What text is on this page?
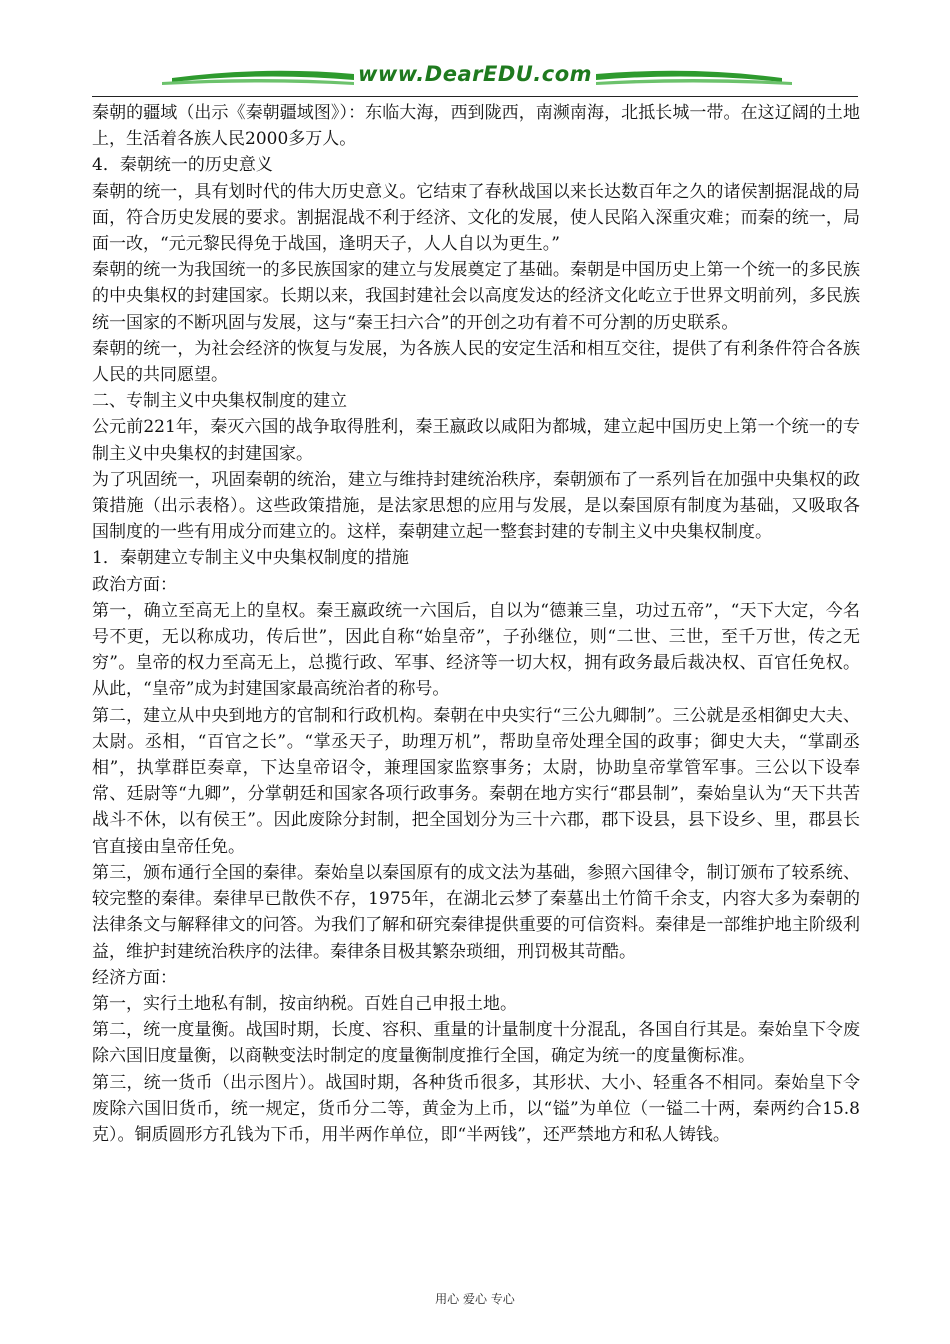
www.DearEDU.com

秦朝的疆域（出示《秦朝疆域图》）：东临大海，西到陇西，南濒南海，北抵长城一带。在这辽阔的土地上，生活着各族人民2000多万人。

4．秦朝统一的历史意义

秦朝的统一，具有划时代的伟大历史意义。它结束了春秋战国以来长达数百年之久的诸侯割据混战的局面，符合历史发展的要求。割据混战不利于经济、文化的发展，使人民陷入深重灾难；而秦的统一，局面一改，“元元黎民得免于战国，逢明天子，人人自以为更生。”

秦朝的统一为我国统一的多民族国家的建立与发展奠定了基础。秦朝是中国历史上第一个统一的多民族的中央集权的封建国家。长期以来，我国封建社会以高度发达的经济文化屹立于世界文明前列，多民族统一国家的不断巩固与发展，这与“秦王扫六合”的开创之功有着不可分割的历史联系。

秦朝的统一，为社会经济的恢复与发展，为各族人民的安定生活和相互交往，提供了有利条件符合各族人民的共同愿望。

二、专制主义中央集权制度的建立

公元前221年，秦灭六国的战争取得胜利，秦王嬴政以咸阳为都城，建立起中国历史上第一个统一的专制主义中央集权的封建国家。

为了巩固统一，巩固秦朝的统治，建立与维持封建统治秩序，秦朝颁布了一系列旨在加强中央集权的政策措施（出示表格）。这些政策措施，是法家思想的应用与发展，是以秦国原有制度为基础，又吸取各国制度的一些有用成分而建立的。这样，秦朝建立起一整套封建的专制主义中央集权制度。

1．秦朝建立专制主义中央集权制度的措施

政治方面：

第一，确立至高无上的皇权。秦王嬴政统一六国后，自以为“德兼三皇，功过五帝”，“天下大定，今名号不更，无以称成功，传后世”，因此自称“始皇帝”，子孙继位，则“二世、三世，至千万世，传之无穷”。皇帝的权力至高无上，总揽行政、军事、经济等一切大权，拥有政务最后裁决权、百官任免权。从此，“皇帝”成为封建国家最高统治者的称号。

第二，建立从中央到地方的官制和行政机构。秦朝在中央实行“三公九卿制”。三公就是丞相御史大夫、太尉。丞相，“百官之长”。“掌丞天子，助理万机”，帮助皇帝处理全国的政事；御史大夫，“掌副丞相”，执掌群臣奏章，下达皇帝诏令，兼理国家监察事务；太尉，协助皇帝掌管军事。三公以下设奉常、廷尉等“九卿”，分掌朝廷和国家各项行政事务。秦朝在地方实行“郡县制”，秦始皇认为“天下共苦战斗不休，以有侯王”。因此废除分封制，把全国划分为三十六郡，郡下设县，县下设乡、里，郡县长官直接由皇帝任免。

第三，颁布通行全国的秦律。秦始皇以秦国原有的成文法为基础，参照六国律令，制订颁布了较系统、较完整的秦律。秦律早已散佚不存，1975年，在湖北云梦了秦墓出土竹简千余支，内容大多为秦朝的法律条文与解释律文的问答。为我们了解和研究秦律提供重要的可信资料。秦律是一部维护地主阶级利益，维护封建统治秩序的法律。秦律条目极其繁杂琐细，刑罚极其苛酷。

经济方面：

第一，实行土地私有制，按亩纳税。百姓自己申报土地。

第二，统一度量衡。战国时期，长度、容积、重量的计量制度十分混乱，各国自行其是。秦始皇下令废除六国旧度量衡，以商鞅变法时制定的度量衡制度推行全国，确定为统一的度量衡标准。

第三，统一货币（出示图片）。战国时期，各种货币很多，其形状、大小、轻重各不相同。秦始皇下令废除六国旧货币，统一规定，货币分二等，黄金为上币，以“镒”为单位（一镒二十两，秦两约合15.8克）。铜质圆形方孔钱为下币，用半两作单位，即“半两钱”，还严禁地方和私人铸钱。

用心 爱心 专心
